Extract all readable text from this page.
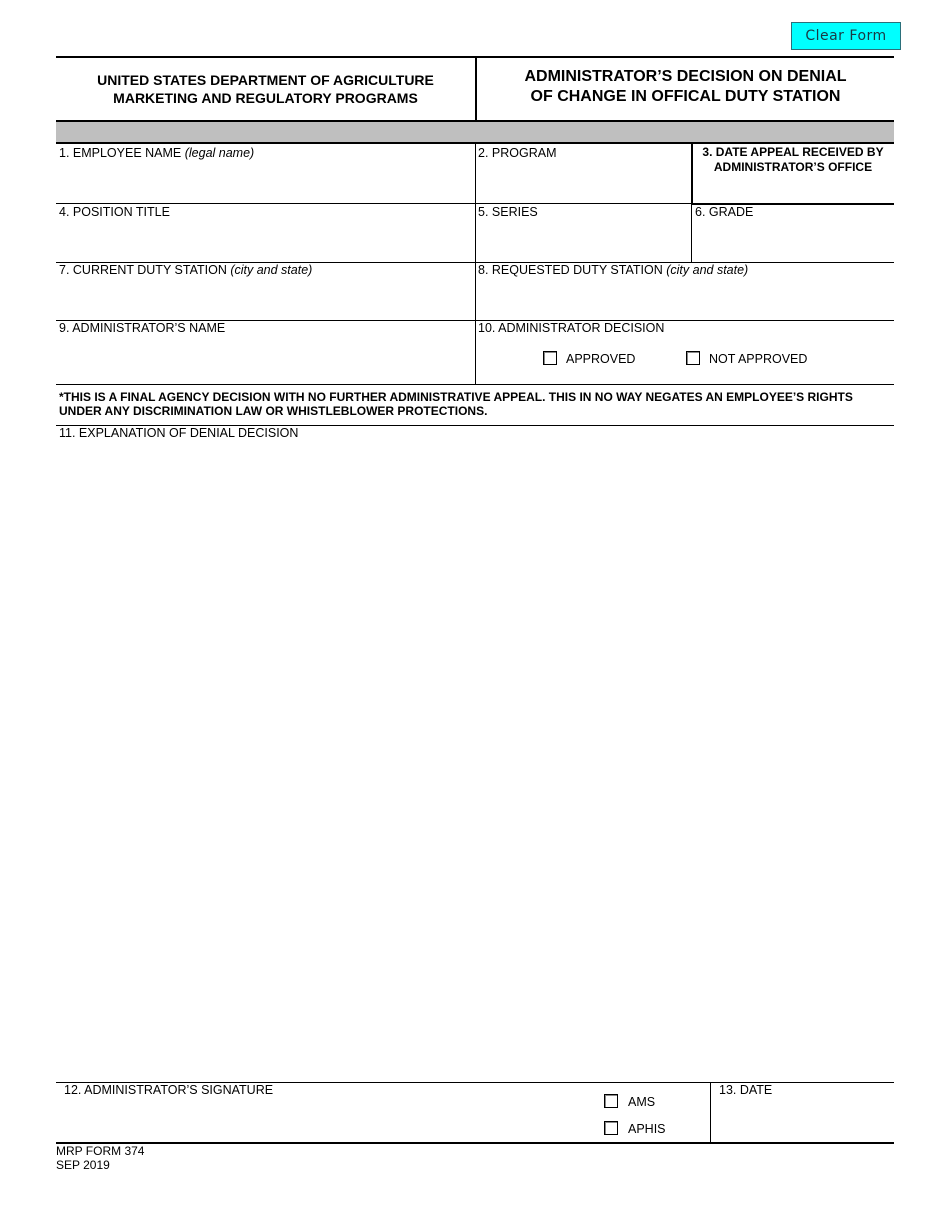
Clear Form
UNITED STATES DEPARTMENT OF AGRICULTURE
MARKETING AND REGULATORY PROGRAMS
ADMINISTRATOR’S DECISION ON DENIAL
OF CHANGE IN OFFICAL DUTY STATION
1. EMPLOYEE NAME (legal name)	2. PROGRAM	3. DATE APPEAL RECEIVED BY
ADMINISTRATOR’S OFFICE
4. POSITION TITLE	5. SERIES	6. GRADE
7. CURRENT DUTY STATION (city and state)	8. REQUESTED DUTY STATION (city and state)
9. ADMINISTRATOR’S NAME	10. ADMINISTRATOR DECISION
APPROVED	NOT APPROVED
*THIS IS A FINAL AGENCY DECISION WITH NO FURTHER ADMINISTRATIVE APPEAL. THIS IN NO WAY NEGATES AN EMPLOYEE’S RIGHTS
UNDER ANY DISCRIMINATION LAW OR WHISTLEBLOWER PROTECTIONS.
11. EXPLANATION OF DENIAL DECISION
12. ADMINISTRATOR’S SIGNATURE
AMS
APHIS
13. DATE
MRP FORM 374
SEP 2019
